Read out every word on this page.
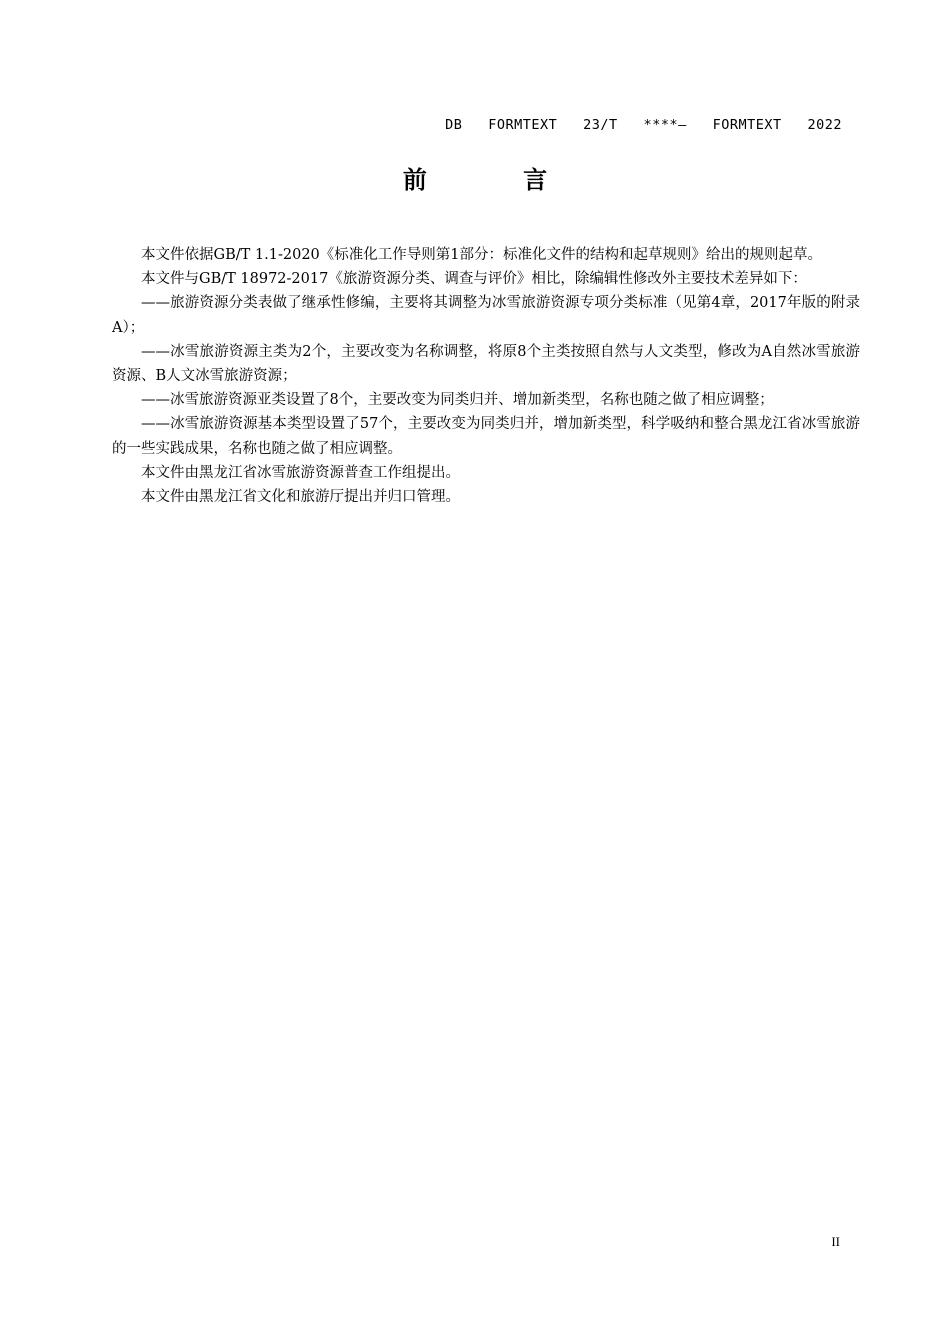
DB   FORMTEXT   23/T   ****—   FORMTEXT   2022
前 言

本文件依据GB/T 1.1-2020《标准化工作导则第1部分：标准化文件的结构和起草规则》给出的规则起草。

本文件与GB/T 18972-2017《旅游资源分类、调查与评价》相比，除编辑性修改外主要技术差异如下：

——旅游资源分类表做了继承性修编，主要将其调整为冰雪旅游资源专项分类标准（见第4章，2017年版的附录A）；

——冰雪旅游资源主类为2个，主要改变为名称调整，将原8个主类按照自然与人文类型，修改为A自然冰雪旅游资源、B人文冰雪旅游资源；

——冰雪旅游资源亚类设置了8个，主要改变为同类归并、增加新类型，名称也随之做了相应调整；

——冰雪旅游资源基本类型设置了57个，主要改变为同类归并，增加新类型，科学吸纳和整合黑龙江省冰雪旅游的一些实践成果，名称也随之做了相应调整。

本文件由黑龙江省冰雪旅游资源普查工作组提出。

本文件由黑龙江省文化和旅游厅提出并归口管理。

II
